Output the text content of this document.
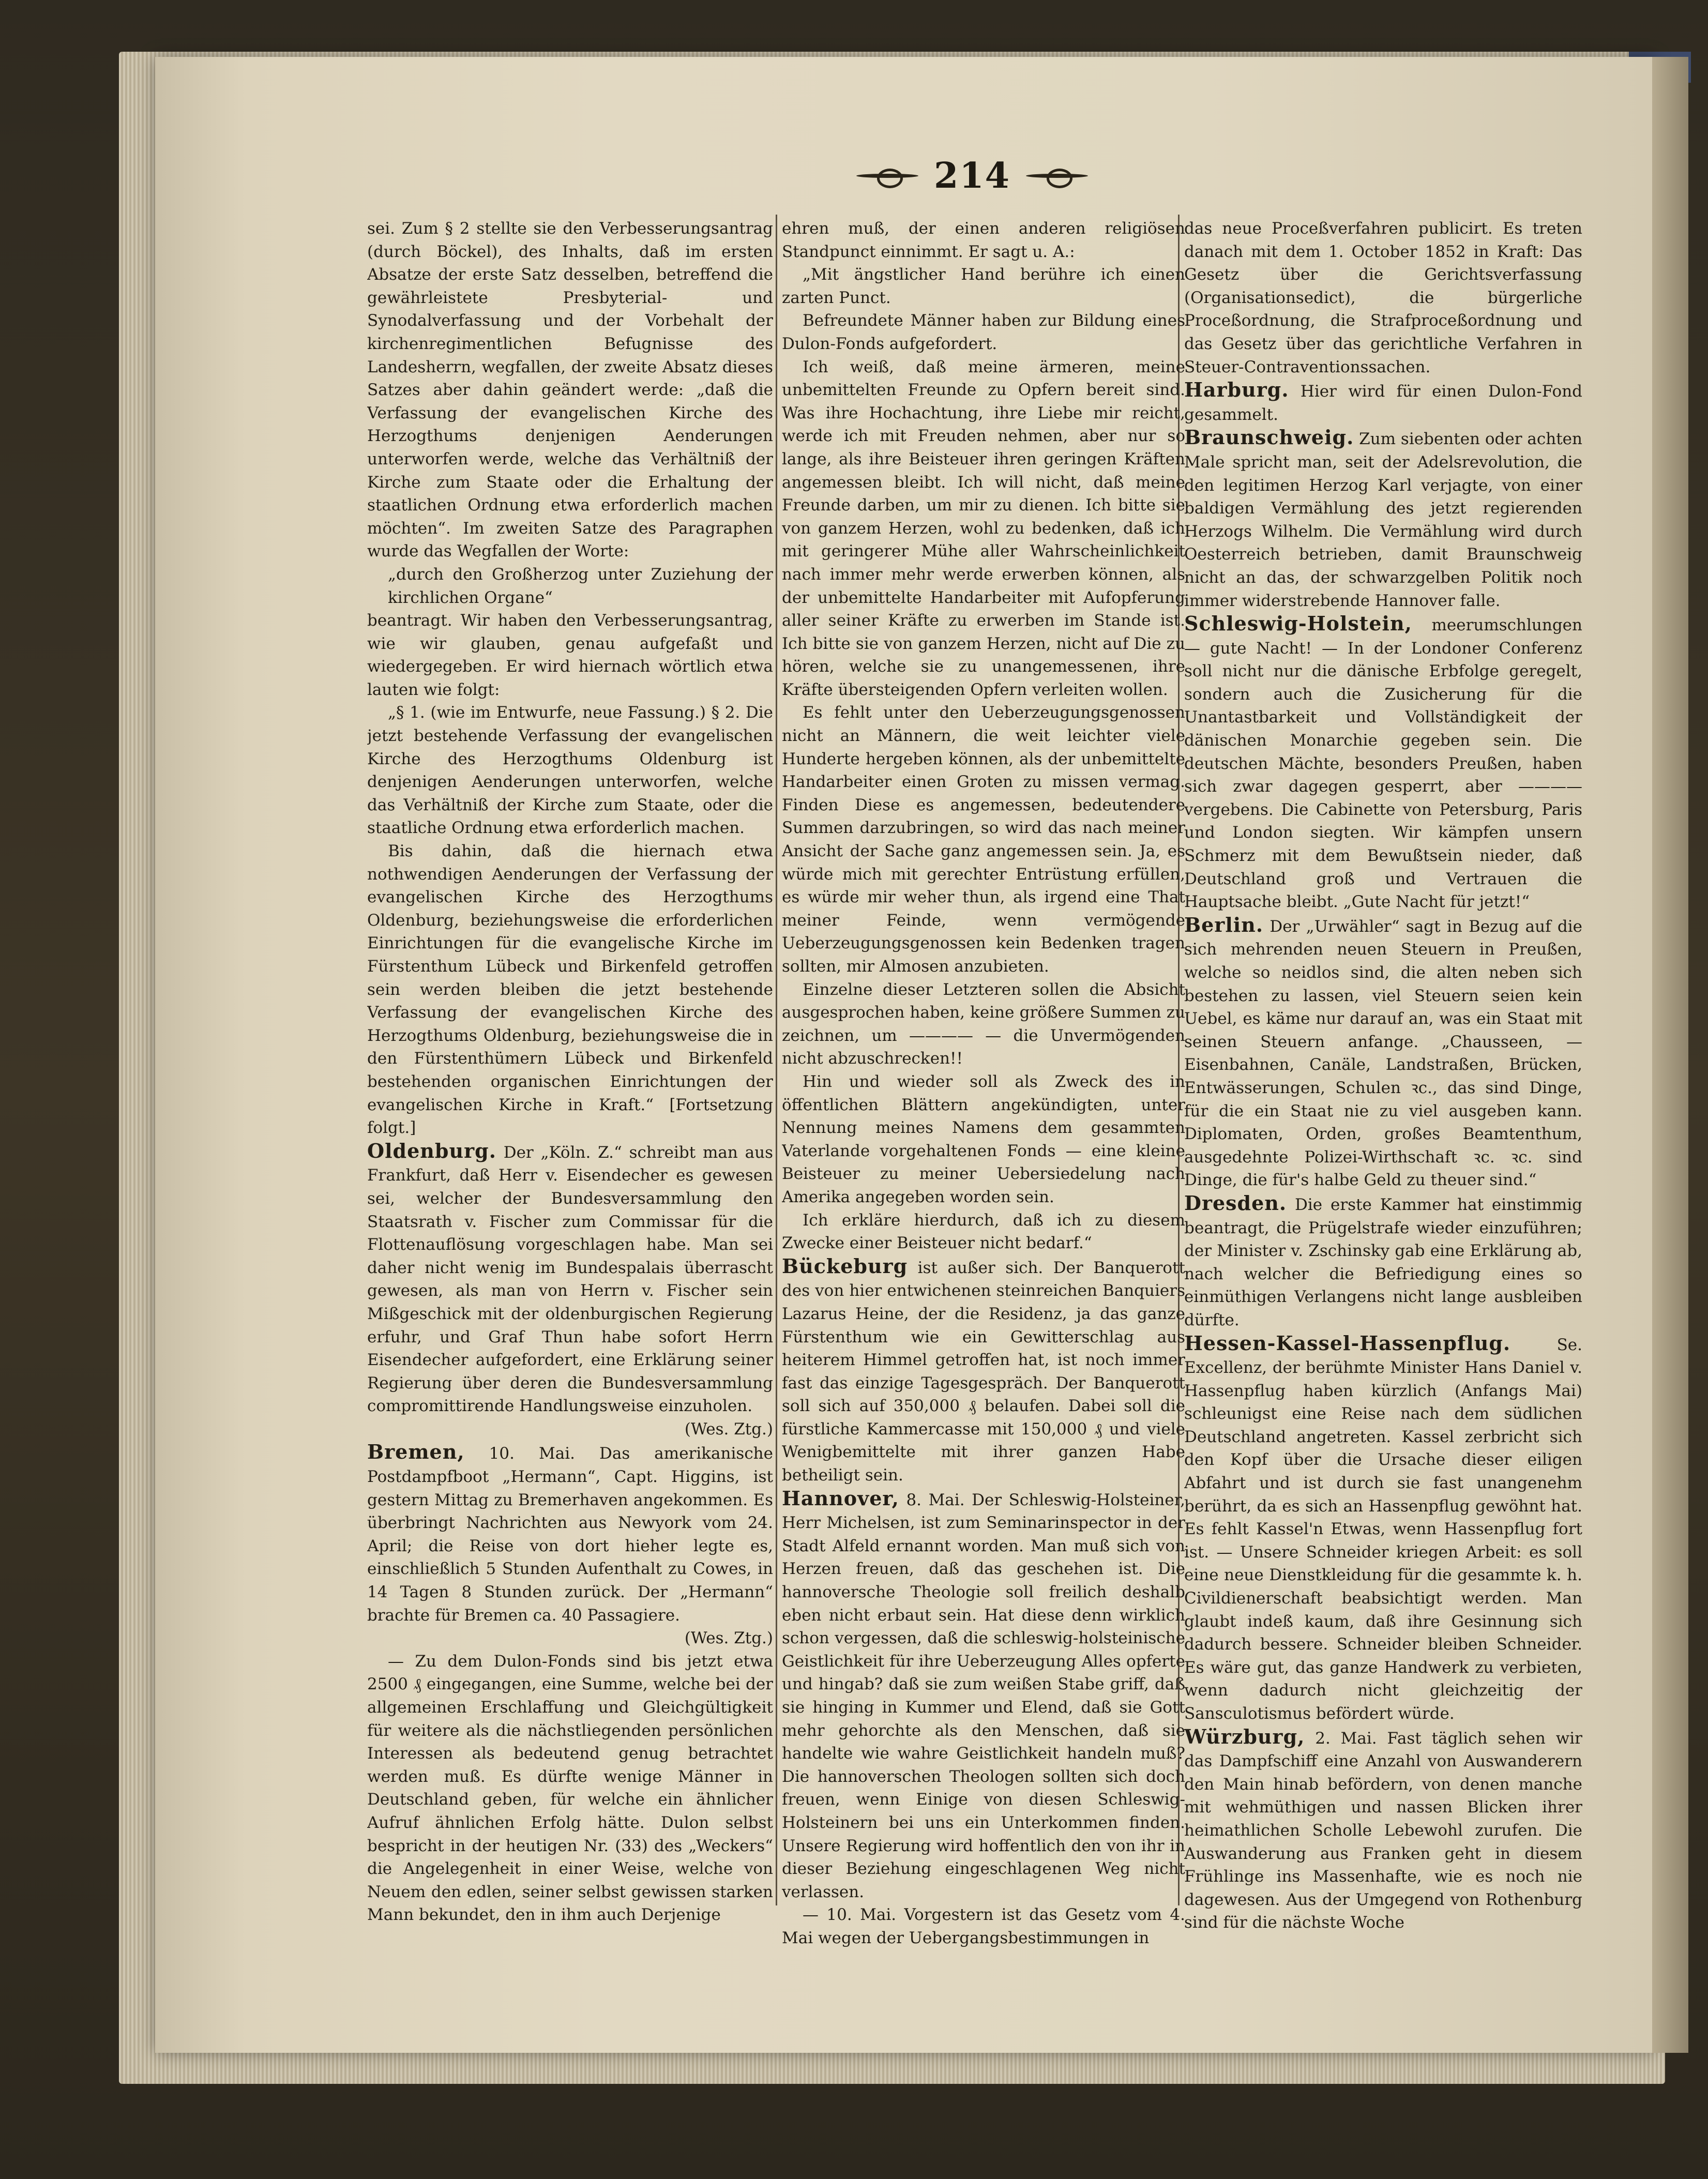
214

sei. Zum § 2 stellte sie den Verbesserungsantrag (durch Böckel), des Inhalts, daß im ersten Absatze der erste Satz desselben, betreffend die gewährleistete Presbyterial- und Synodalverfassung und der Vorbehalt der kirchenregimentlichen Befugnisse des Landesherrn, wegfallen, der zweite Absatz dieses Satzes aber dahin geändert werde: „daß die Verfassung der evangelischen Kirche des Herzogthums denjenigen Aenderungen unterworfen werde, welche das Verhältniß der Kirche zum Staate oder die Erhaltung der staatlichen Ordnung etwa erforderlich machen möchten“. Im zweiten Satze des Paragraphen wurde das Wegfallen der Worte:

„durch den Großherzog unter Zuziehung der kirchlichen Organe“

beantragt. Wir haben den Verbesserungsantrag, wie wir glauben, genau aufgefaßt und wiedergegeben. Er wird hiernach wörtlich etwa lauten wie folgt:

„§ 1. (wie im Entwurfe, neue Fassung.) § 2. Die jetzt bestehende Verfassung der evangelischen Kirche des Herzogthums Oldenburg ist denjenigen Aenderungen unterworfen, welche das Verhältniß der Kirche zum Staate, oder die staatliche Ordnung etwa erforderlich machen.

Bis dahin, daß die hiernach etwa nothwendigen Aenderungen der Verfassung der evangelischen Kirche des Herzogthums Oldenburg, beziehungsweise die erforderlichen Einrichtungen für die evangelische Kirche im Fürstenthum Lübeck und Birkenfeld getroffen sein werden bleiben die jetzt bestehende Verfassung der evangelischen Kirche des Herzogthums Oldenburg, beziehungsweise die in den Fürstenthümern Lübeck und Birkenfeld bestehenden organischen Einrichtungen der evangelischen Kirche in Kraft.“ [Fortsetzung folgt.]

Oldenburg. Der „Köln. Z.“ schreibt man aus Frankfurt, daß Herr v. Eisendecher es gewesen sei, welcher der Bundesversammlung den Staatsrath v. Fischer zum Commissar für die Flottenauflösung vorgeschlagen habe. Man sei daher nicht wenig im Bundespalais überrascht gewesen, als man von Herrn v. Fischer sein Mißgeschick mit der oldenburgischen Regierung erfuhr, und Graf Thun habe sofort Herrn Eisendecher aufgefordert, eine Erklärung seiner Regierung über deren die Bundesversammlung compromittirende Handlungsweise einzuholen.

(Wes. Ztg.)

Bremen, 10. Mai. Das amerikanische Postdampfboot „Hermann“, Capt. Higgins, ist gestern Mittag zu Bremerhaven angekommen. Es überbringt Nachrichten aus Newyork vom 24. April; die Reise von dort hieher legte es, einschließlich 5 Stunden Aufenthalt zu Cowes, in 14 Tagen 8 Stunden zurück. Der „Hermann“ brachte für Bremen ca. 40 Passagiere.

(Wes. Ztg.)

— Zu dem Dulon-Fonds sind bis jetzt etwa 2500 ₰ eingegangen, eine Summe, welche bei der allgemeinen Erschlaffung und Gleichgültigkeit für weitere als die nächstliegenden persönlichen Interessen als bedeutend genug betrachtet werden muß. Es dürfte wenige Männer in Deutschland geben, für welche ein ähnlicher Aufruf ähnlichen Erfolg hätte. Dulon selbst bespricht in der heutigen Nr. (33) des „Weckers“ die Angelegenheit in einer Weise, welche von Neuem den edlen, seiner selbst gewissen starken Mann bekundet, den in ihm auch Derjenige

ehren muß, der einen anderen religiösen Standpunct einnimmt. Er sagt u. A.:

„Mit ängstlicher Hand berühre ich einen zarten Punct.

Befreundete Männer haben zur Bildung eines Dulon-Fonds aufgefordert.

Ich weiß, daß meine ärmeren, meine unbemittelten Freunde zu Opfern bereit sind. Was ihre Hochachtung, ihre Liebe mir reicht, werde ich mit Freuden nehmen, aber nur so lange, als ihre Beisteuer ihren geringen Kräften angemessen bleibt. Ich will nicht, daß meine Freunde darben, um mir zu dienen. Ich bitte sie von ganzem Herzen, wohl zu bedenken, daß ich mit geringerer Mühe aller Wahrscheinlichkeit nach immer mehr werde erwerben können, als der unbemittelte Handarbeiter mit Aufopferung aller seiner Kräfte zu erwerben im Stande ist. Ich bitte sie von ganzem Herzen, nicht auf Die zu hören, welche sie zu unangemessenen, ihre Kräfte übersteigenden Opfern verleiten wollen.

Es fehlt unter den Ueberzeugungsgenossen nicht an Männern, die weit leichter viele Hunderte hergeben können, als der unbemittelte Handarbeiter einen Groten zu missen vermag. Finden Diese es angemessen, bedeutendere Summen darzubringen, so wird das nach meiner Ansicht der Sache ganz angemessen sein. Ja, es würde mich mit gerechter Entrüstung erfüllen, es würde mir weher thun, als irgend eine That meiner Feinde, wenn vermögende Ueberzeugungsgenossen kein Bedenken tragen sollten, mir Almosen anzubieten.

Einzelne dieser Letzteren sollen die Absicht ausgesprochen haben, keine größere Summen zu zeichnen, um ———— — die Unvermögenden nicht abzuschrecken!!

Hin und wieder soll als Zweck des in öffentlichen Blättern angekündigten, unter Nennung meines Namens dem gesammten Vaterlande vorgehaltenen Fonds — eine kleine Beisteuer zu meiner Uebersiedelung nach Amerika angegeben worden sein.

Ich erkläre hierdurch, daß ich zu diesem Zwecke einer Beisteuer nicht bedarf.“

Bückeburg ist außer sich. Der Banquerott des von hier entwichenen steinreichen Banquiers Lazarus Heine, der die Residenz, ja das ganze Fürstenthum wie ein Gewitterschlag aus heiterem Himmel getroffen hat, ist noch immer fast das einzige Tagesgespräch. Der Banquerott soll sich auf 350,000 ₰ belaufen. Dabei soll die fürstliche Kammercasse mit 150,000 ₰ und viele Wenigbemittelte mit ihrer ganzen Habe betheiligt sein.

Hannover, 8. Mai. Der Schleswig-Holsteiner, Herr Michelsen, ist zum Seminarinspector in der Stadt Alfeld ernannt worden. Man muß sich von Herzen freuen, daß das geschehen ist. Die hannoversche Theologie soll freilich deshalb eben nicht erbaut sein. Hat diese denn wirklich schon vergessen, daß die schleswig-holsteinische Geistlichkeit für ihre Ueberzeugung Alles opferte und hingab? daß sie zum weißen Stabe griff, daß sie hinging in Kummer und Elend, daß sie Gott mehr gehorchte als den Menschen, daß sie handelte wie wahre Geistlichkeit handeln muß? Die hannoverschen Theologen sollten sich doch freuen, wenn Einige von diesen Schleswig-Holsteinern bei uns ein Unterkommen finden. Unsere Regierung wird hoffentlich den von ihr in dieser Beziehung eingeschlagenen Weg nicht verlassen.

— 10. Mai. Vorgestern ist das Gesetz vom 4. Mai wegen der Uebergangsbestimmungen in

das neue Proceßverfahren publicirt. Es treten danach mit dem 1. October 1852 in Kraft: Das Gesetz über die Gerichtsverfassung (Organisationsedict), die bürgerliche Proceßordnung, die Strafproceßordnung und das Gesetz über das gerichtliche Verfahren in Steuer-Contraventionssachen.

Harburg. Hier wird für einen Dulon-Fond gesammelt.

Braunschweig. Zum siebenten oder achten Male spricht man, seit der Adelsrevolution, die den legitimen Herzog Karl verjagte, von einer baldigen Vermählung des jetzt regierenden Herzogs Wilhelm. Die Vermählung wird durch Oesterreich betrieben, damit Braunschweig nicht an das, der schwarzgelben Politik noch immer widerstrebende Hannover falle.

Schleswig-Holstein, meerumschlungen — gute Nacht! — In der Londoner Conferenz soll nicht nur die dänische Erbfolge geregelt, sondern auch die Zusicherung für die Unantastbarkeit und Vollständigkeit der dänischen Monarchie gegeben sein. Die deutschen Mächte, besonders Preußen, haben sich zwar dagegen gesperrt, aber ———— vergebens. Die Cabinette von Petersburg, Paris und London siegten. Wir kämpfen unsern Schmerz mit dem Bewußtsein nieder, daß Deutschland groß und Vertrauen die Hauptsache bleibt. „Gute Nacht für jetzt!“

Berlin. Der „Urwähler“ sagt in Bezug auf die sich mehrenden neuen Steuern in Preußen, welche so neidlos sind, die alten neben sich bestehen zu lassen, viel Steuern seien kein Uebel, es käme nur darauf an, was ein Staat mit seinen Steuern anfange. „Chausseen, — Eisenbahnen, Canäle, Landstraßen, Brücken, Entwässerungen, Schulen ꝛc., das sind Dinge, für die ein Staat nie zu viel ausgeben kann. Diplomaten, Orden, großes Beamtenthum, ausgedehnte Polizei-Wirthschaft ꝛc. ꝛc. sind Dinge, die für's halbe Geld zu theuer sind.“

Dresden. Die erste Kammer hat einstimmig beantragt, die Prügelstrafe wieder einzuführen; der Minister v. Zschinsky gab eine Erklärung ab, nach welcher die Befriedigung eines so einmüthigen Verlangens nicht lange ausbleiben dürfte.

Hessen-Kassel-Hassenpflug.	Se. Excellenz, der berühmte Minister Hans Daniel v. Hassenpflug haben kürzlich (Anfangs Mai) schleunigst eine Reise nach dem südlichen Deutschland angetreten. Kassel zerbricht sich den Kopf über die Ursache dieser eiligen Abfahrt und ist durch sie fast unangenehm berührt, da es sich an Hassenpflug gewöhnt hat. Es fehlt Kassel'n Etwas, wenn Hassenpflug fort ist. — Unsere Schneider kriegen Arbeit: es soll eine neue Dienstkleidung für die gesammte k. h. Civildienerschaft beabsichtigt werden. Man glaubt indeß kaum, daß ihre Gesinnung sich dadurch bessere. Schneider bleiben Schneider. Es wäre gut, das ganze Handwerk zu verbieten, wenn dadurch nicht gleichzeitig der Sansculotismus befördert würde.

Würzburg, 2. Mai. Fast täglich sehen wir das Dampfschiff eine Anzahl von Auswanderern den Main hinab befördern, von denen manche mit wehmüthigen und nassen Blicken ihrer heimathlichen Scholle Lebewohl zurufen. Die Auswanderung aus Franken geht in diesem Frühlinge ins Massenhafte, wie es noch nie dagewesen. Aus der Umgegend von Rothenburg sind für die nächste Woche
